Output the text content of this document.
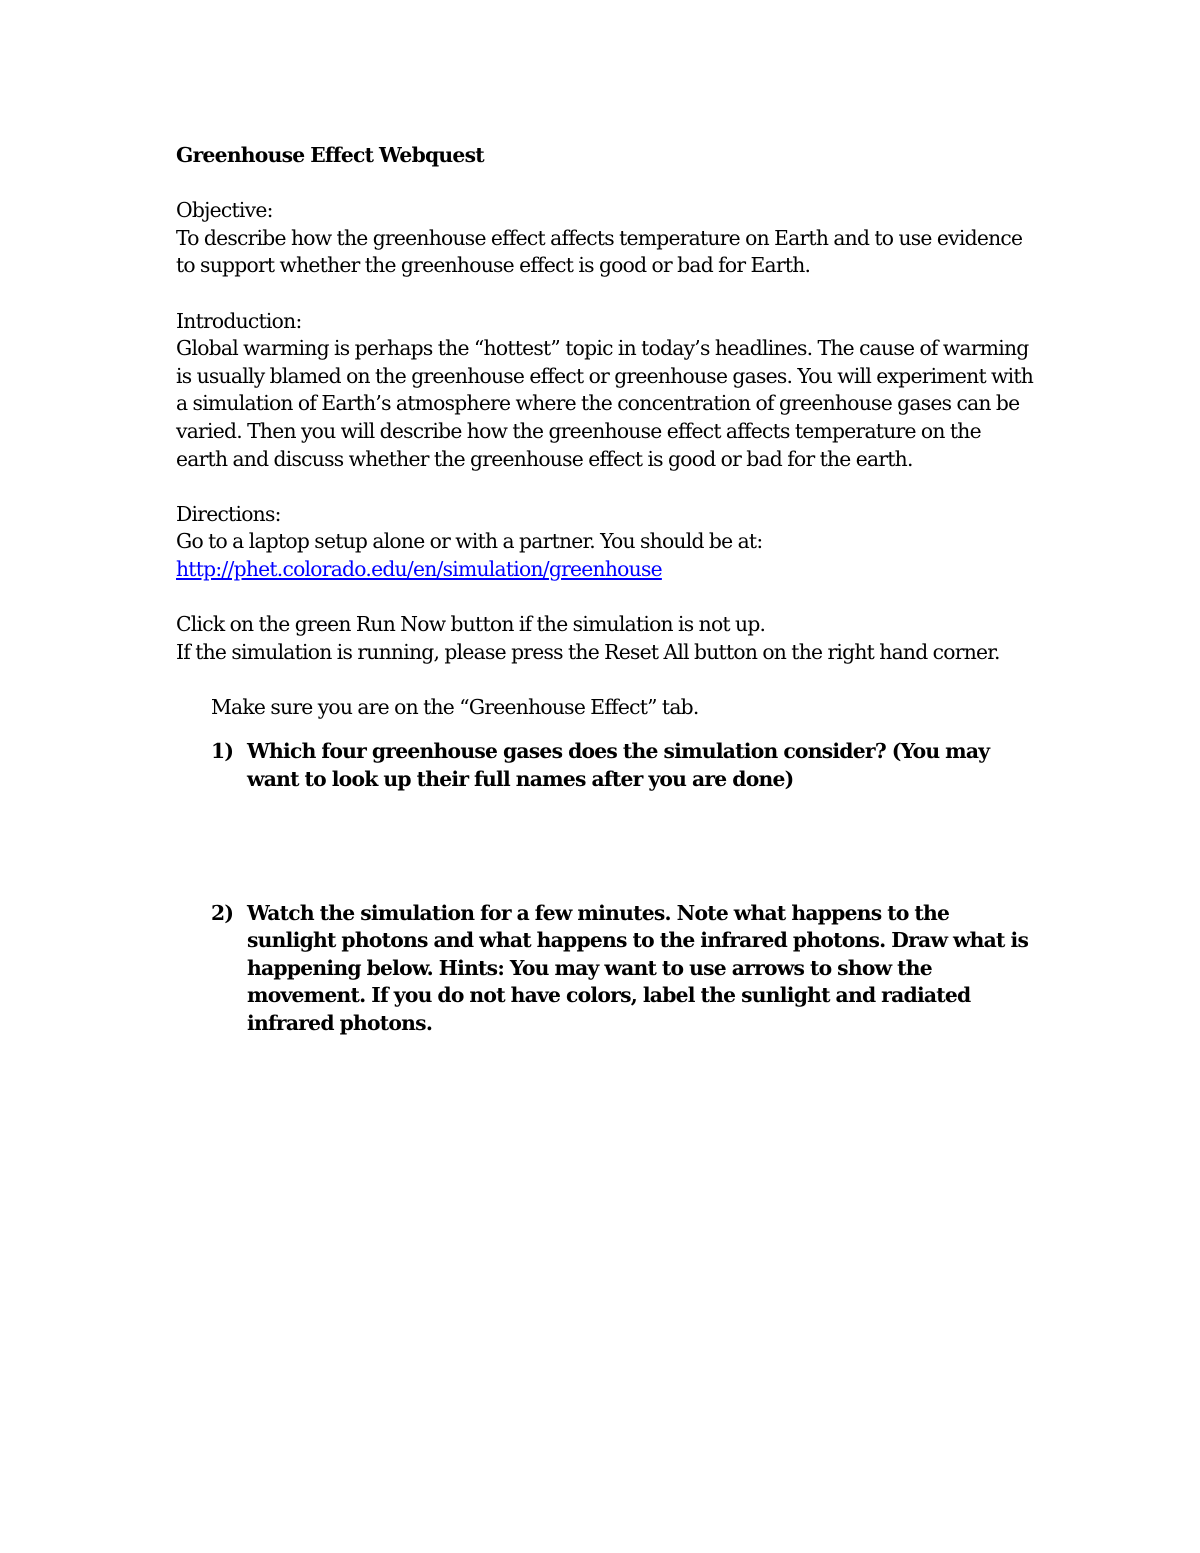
Greenhouse Effect Webquest

Objective:

To describe how the greenhouse effect affects temperature on Earth and to use evidence to support whether the greenhouse effect is good or bad for Earth.

Introduction:

Global warming is perhaps the “hottest” topic in today’s headlines. The cause of warming is usually blamed on the greenhouse effect or greenhouse gases. You will experiment with a simulation of Earth’s atmosphere where the concentration of greenhouse gases can be varied. Then you will describe how the greenhouse effect affects temperature on the earth and discuss whether the greenhouse effect is good or bad for the earth.

Directions:

Go to a laptop setup alone or with a partner. You should be at:

http://phet.colorado.edu/en/simulation/greenhouse

Click on the green Run Now button if the simulation is not up.

If the simulation is running, please press the Reset All button on the right hand corner.

Make sure you are on the “Greenhouse Effect” tab.

1) Which four greenhouse gases does the simulation consider? (You may want to look up their full names after you are done)
2) Watch the simulation for a few minutes. Note what happens to the sunlight photons and what happens to the infrared photons. Draw what is happening below. Hints: You may want to use arrows to show the movement. If you do not have colors, label the sunlight and radiated infrared photons.
